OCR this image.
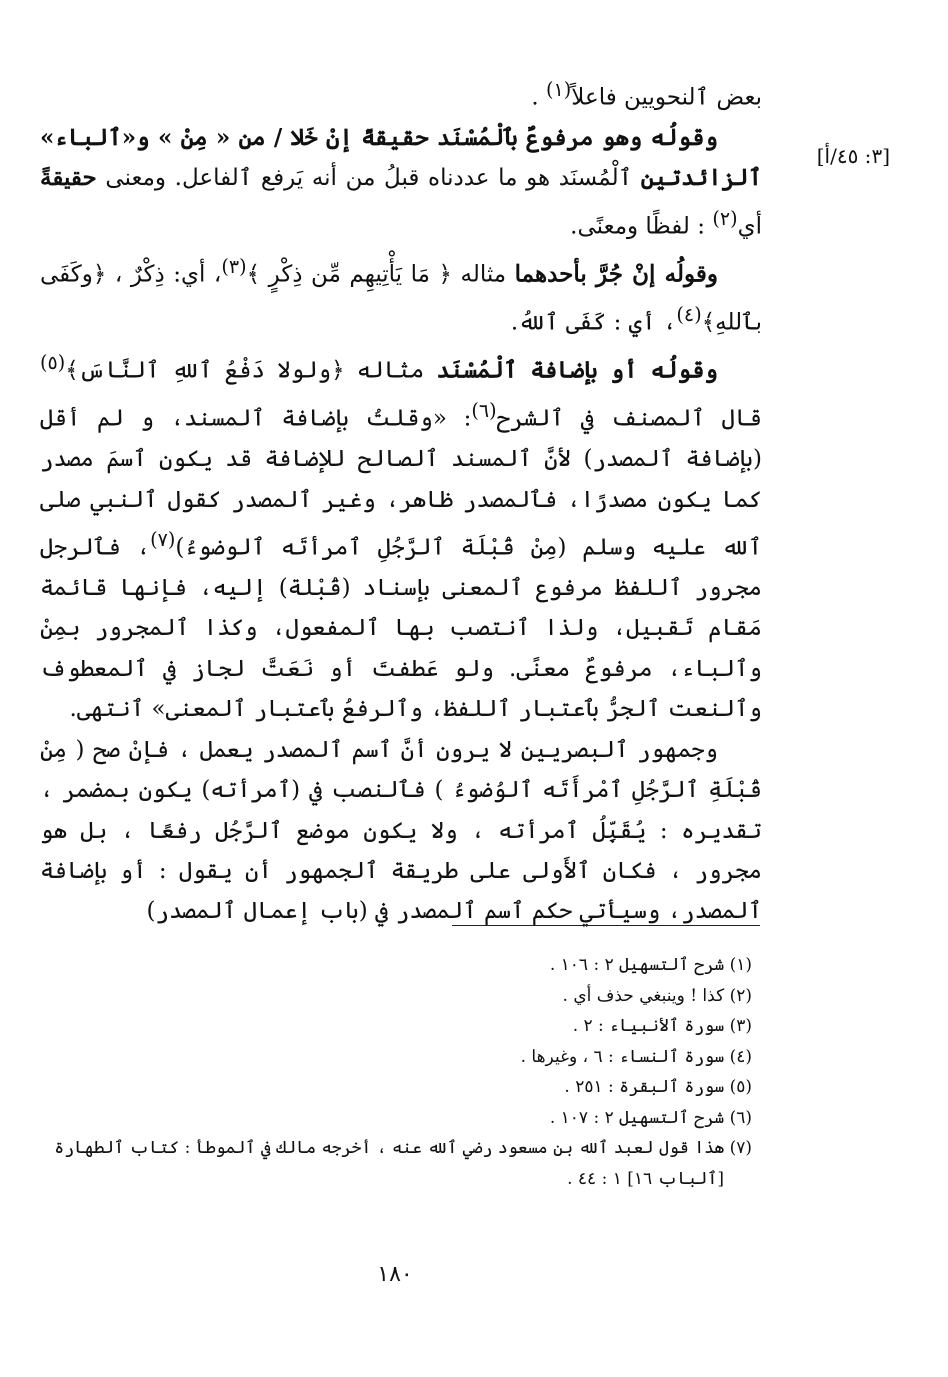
[٣: ٤٥/أ]

بعض ٱلنحويين فاعلاً$^{(١)}$ .

وقولُه وهو مرفوعٌ بٱلْمُسْنَد حقيقةً إنْ خَلا / من « مِنْ » و«ٱلباء» ٱلزائدتين ٱلْمُسنَد هو ما عددناه قبلُ من أنه يَرفع ٱلفاعل. ومعنى حقيقةً أي$^{(٢)}$ : لفظًا ومعنًى.

وقولُه إنْ جُرَّ بأحدهما مثاله ﴿ مَا يَأْتِيهِم مِّن ذِكْرٍ ﴾$^{(٣)}$، أي: ذِكْرٌ ، ﴿وكَفَى بٱللهِ﴾$^{(٤)}$، أي : كَفَى ٱللهُ.

وقولُه أو بإضافة ٱلْمُسْنَد مثاله ﴿ولولا دَفْعُ ٱللهِ ٱلنَّاسَ﴾$^{(٥)}$ قال ٱلمصنف في ٱلشرح$^{(٦)}$: «وقلتُ بإضافة ٱلمسند، و لم أقل (بإضافة ٱلمصدر) لأنَّ ٱلمسند ٱلصالح للإضافة قد يكون ٱسمَ مصدر كما يكون مصدرًا، فٱلمصدر ظاهر، وغير ٱلمصدر كقول ٱلنبي صلى ٱلله عليه وسلم (مِنْ قُبْلَة ٱلرَّجُلِ ٱمرأتَه ٱلوضوءُ)$^{(٧)}$، فٱلرجل مجرور ٱللفظ مرفوع ٱلمعنى بإسناد (قُبْلة) إليه، فإنها قائمة مَقام تَقبيل، ولذا ٱنتصب بها ٱلمفعول، وكذا ٱلمجرور بمِنْ وٱلباء، مرفوعٌ معنًى. ولو عَطفتَ أو نَعَتَّ لجاز في ٱلمعطوف وٱلنعت ٱلجرُّ بٱعتبار ٱللفظ، وٱلرفعُ بٱعتبار ٱلمعنى» ٱنتهى.

وجمهور ٱلبصريين لا يرون أنَّ ٱسم ٱلمصدر يعمل ، فإنْ صح ( مِنْ قُبْلَةِ ٱلرَّجُلِ ٱمْرأَتَه ٱلوُضوءُ ) فٱلنصب في (ٱمرأته) يكون بمضمر ، تقديره : يُقَبِّلُ ٱمرأته ، ولا يكون موضع ٱلرَّجُل رفعًا ، بل هو مجرور ، فكان ٱلأَولى على طريقة ٱلجمهور أن يقول : أو بإضافة ٱلمصدر، وسيأتي حكم ٱسم ٱلمصدر في (باب إعمال ٱلمصدر)

(١) شرح ٱلتسهيل ٢ : ١٠٦ .
(٢) كذا ! وينبغي حذف أي .
(٣) سورة ٱلأنبياء : ٢ .
(٤) سورة ٱلنساء : ٦ ، وغيرها .
(٥) سورة ٱلبقرة : ٢٥١ .
(٦) شرح ٱلتسهيل ٢ : ١٠٧ .
(٧) هذا قول لعبد ٱلله بن مسعود رضي ٱلله عنه ، أخرجه مالك في ٱلموطأ : كتاب ٱلطهارة
[ٱلباب ١٦] ١ : ٤٤ .
١٨٠
